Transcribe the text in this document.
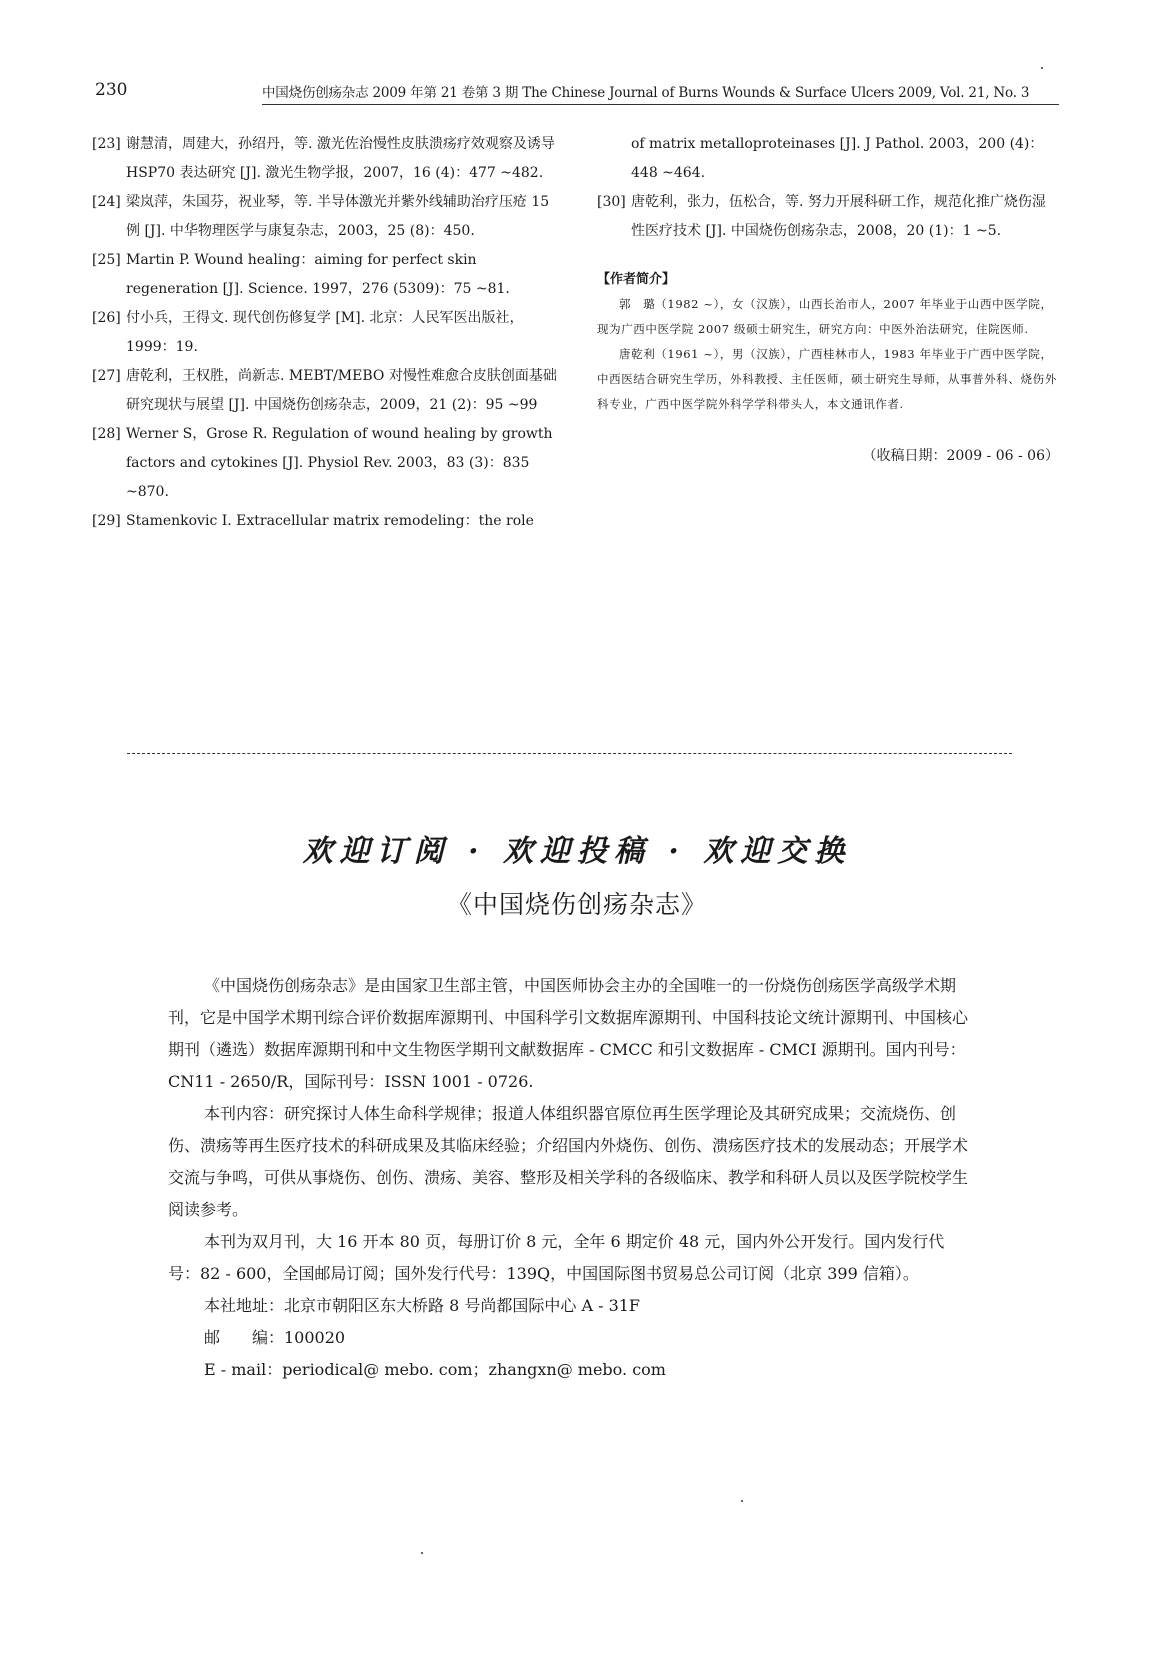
230	中国烧伤创疡杂志 2009 年第 21 卷第 3 期 The Chinese Journal of Burns Wounds & Surface Ulcers 2009, Vol. 21, No. 3

[23] 谢慧清，周建大，孙绍丹，等. 激光佐治慢性皮肤溃疡疗效观察及诱导 HSP70 表达研究 [J]. 激光生物学报，2007，16 (4)：477 ~482.

[24] 梁岚萍，朱国芬，祝业琴，等. 半导体激光并紫外线辅助治疗压疮 15 例 [J]. 中华物理医学与康复杂志，2003，25 (8)：450.

[25] Martin P. Wound healing：aiming for perfect skin regeneration [J]. Science. 1997，276 (5309)：75 ~81.

[26] 付小兵，王得文. 现代创伤修复学 [M]. 北京：人民军医出版社，1999：19.

[27] 唐乾利，王权胜，尚新志. MEBT/MEBO 对慢性难愈合皮肤创面基础研究现状与展望 [J]. 中国烧伤创疡杂志，2009，21 (2)：95 ~99

[28] Werner S，Grose R. Regulation of wound healing by growth factors and cytokines [J]. Physiol Rev. 2003，83 (3)：835 ~870.

[29] Stamenkovic I. Extracellular matrix remodeling：the role

of matrix metalloproteinases [J]. J Pathol. 2003，200 (4)：448 ~464.

[30] 唐乾利，张力，伍松合，等. 努力开展科研工作，规范化推广烧伤湿性医疗技术 [J]. 中国烧伤创疡杂志，2008，20 (1)：1 ~5.

【作者简介】

郭　璐（1982 ~），女（汉族），山西长治市人，2007 年毕业于山西中医学院，现为广西中医学院 2007 级硕士研究生，研究方向：中医外治法研究，住院医师.

唐乾利（1961 ~），男（汉族），广西桂林市人，1983 年毕业于广西中医学院，中西医结合研究生学历，外科教授、主任医师，硕士研究生导师，从事普外科、烧伤外科专业，广西中医学院外科学学科带头人，本文通讯作者.

（收稿日期：2009 - 06 - 06）
欢迎订阅 · 欢迎投稿 · 欢迎交换
《中国烧伤创疡杂志》

《中国烧伤创疡杂志》是由国家卫生部主管，中国医师协会主办的全国唯一的一份烧伤创疡医学高级学术期刊，它是中国学术期刊综合评价数据库源期刊、中国科学引文数据库源期刊、中国科技论文统计源期刊、中国核心期刊（遴选）数据库源期刊和中文生物医学期刊文献数据库 - CMCC 和引文数据库 - CMCI 源期刊。国内刊号：CN11 - 2650/R，国际刊号：ISSN 1001 - 0726.

本刊内容：研究探讨人体生命科学规律；报道人体组织器官原位再生医学理论及其研究成果；交流烧伤、创伤、溃疡等再生医疗技术的科研成果及其临床经验；介绍国内外烧伤、创伤、溃疡医疗技术的发展动态；开展学术交流与争鸣，可供从事烧伤、创伤、溃疡、美容、整形及相关学科的各级临床、教学和科研人员以及医学院校学生阅读参考。

本刊为双月刊，大 16 开本 80 页，每册订价 8 元，全年 6 期定价 48 元，国内外公开发行。国内发行代号：82 - 600，全国邮局订阅；国外发行代号：139Q，中国国际图书贸易总公司订阅（北京 399 信箱）。

本社地址：北京市朝阳区东大桥路 8 号尚都国际中心 A - 31F

邮　　编：100020

E - mail：periodical@ mebo. com；zhangxn@ mebo. com
